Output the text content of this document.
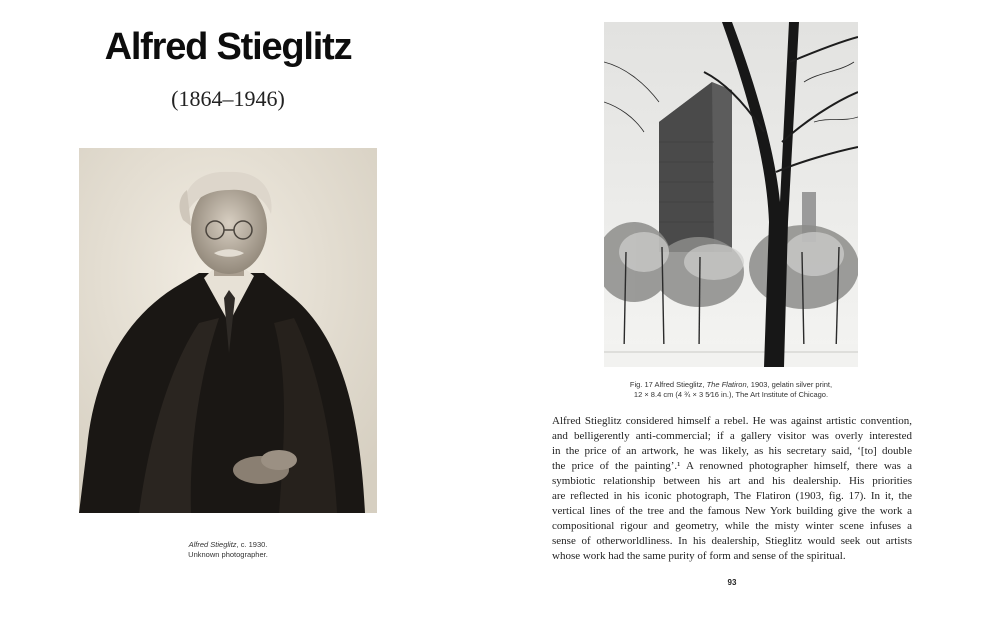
Alfred Stieglitz
(1864–1946)
Alfred Stieglitz, c. 1930.
Unknown photographer.
Fig. 17 Alfred Stieglitz, The Flatiron, 1903, gelatin silver print,
12 × 8.4 cm (4 ¾ × 3 5⁄16 in.), The Art Institute of Chicago.
Alfred Stieglitz considered himself a rebel. He was against artistic convention,
and belligerently anti-commercial; if a gallery visitor was overly interested
in the price of an artwork, he was likely, as his secretary said, ‘[to] double
the price of the painting’.¹ A renowned photographer himself, there was a
symbiotic relationship between his art and his dealership. His priorities
are reflected in his iconic photograph, The Flatiron (1903, fig. 17). In it, the
vertical lines of the tree and the famous New York building give the work a
compositional rigour and geometry, while the misty winter scene infuses a
sense of otherworldliness. In his dealership, Stieglitz would seek out artists
whose work had the same purity of form and sense of the spiritual.
93
